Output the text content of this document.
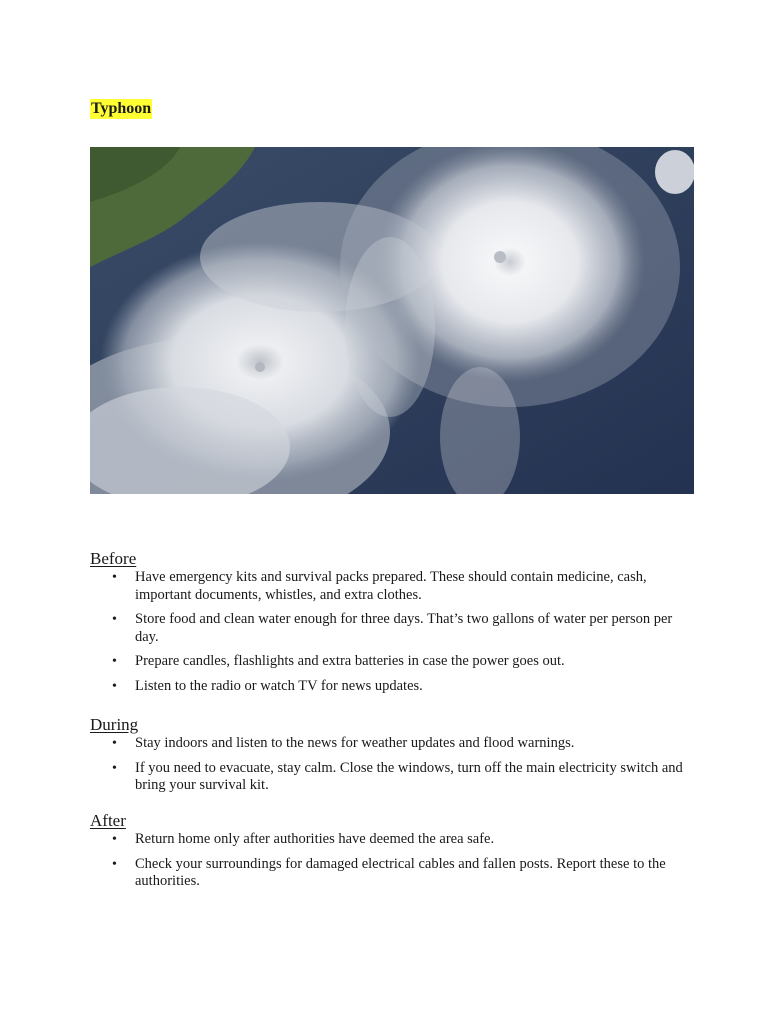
Typhoon
Before
• Have emergency kits and survival packs prepared. These should contain medicine, cash, important documents, whistles, and extra clothes.
• Store food and clean water enough for three days. That’s two gallons of water per person per day.
• Prepare candles, flashlights and extra batteries in case the power goes out.
• Listen to the radio or watch TV for news updates.
During
• Stay indoors and listen to the news for weather updates and flood warnings.
• If you need to evacuate, stay calm. Close the windows, turn off the main electricity switch and bring your survival kit.
After
• Return home only after authorities have deemed the area safe.
• Check your surroundings for damaged electrical cables and fallen posts. Report these to the authorities.
